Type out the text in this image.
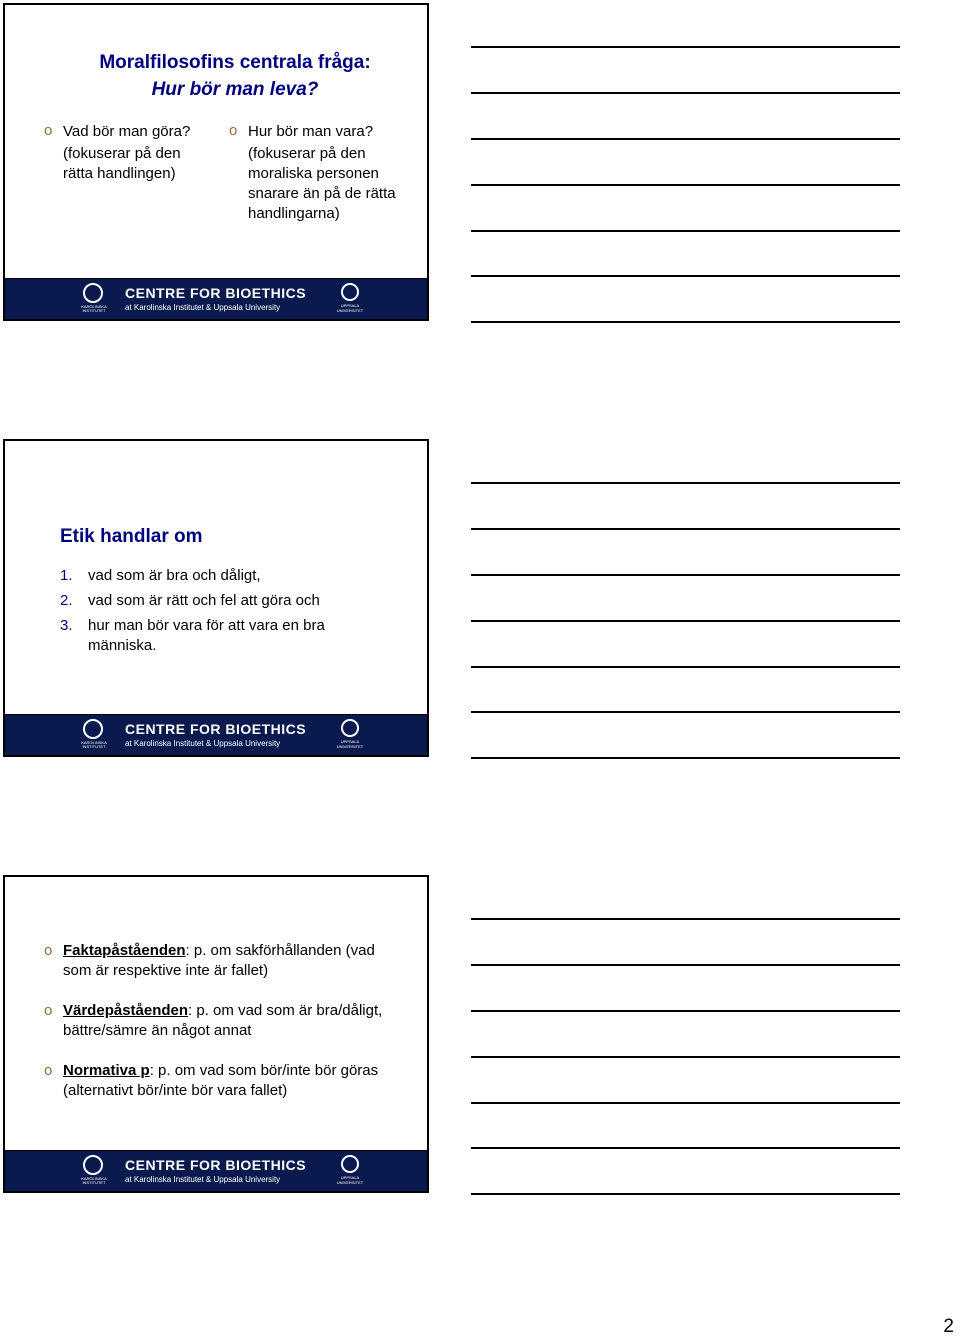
Moralfilosofins centrala fråga:
Hur bör man leva?
o Vad bör man göra?
(fokuserar på den rätta handlingen)
o Hur bör man vara?
(fokuserar på den moraliska personen snarare än på de rätta handlingarna)
KAROLINSKA INSTITUTET
CENTRE FOR BIOETHICS
at Karolinska Institutet & Uppsala University	UPPSALA UNIVERSITET
Etik handlar om
1. vad som är bra och dåligt,
2. vad som är rätt och fel att göra och
3. hur man bör vara för att vara en bra människa.
KAROLINSKA INSTITUTET
CENTRE FOR BIOETHICS
at Karolinska Institutet & Uppsala University	UPPSALA UNIVERSITET
o Faktapåståenden: p. om sakförhållanden (vad som är respektive inte är fallet)
o Värdepåståenden: p. om vad som är bra/dåligt, bättre/sämre än något annat
o Normativa p: p. om vad som bör/inte bör göras (alternativt bör/inte bör vara fallet)
KAROLINSKA INSTITUTET
CENTRE FOR BIOETHICS
at Karolinska Institutet & Uppsala University	UPPSALA UNIVERSITET
2
